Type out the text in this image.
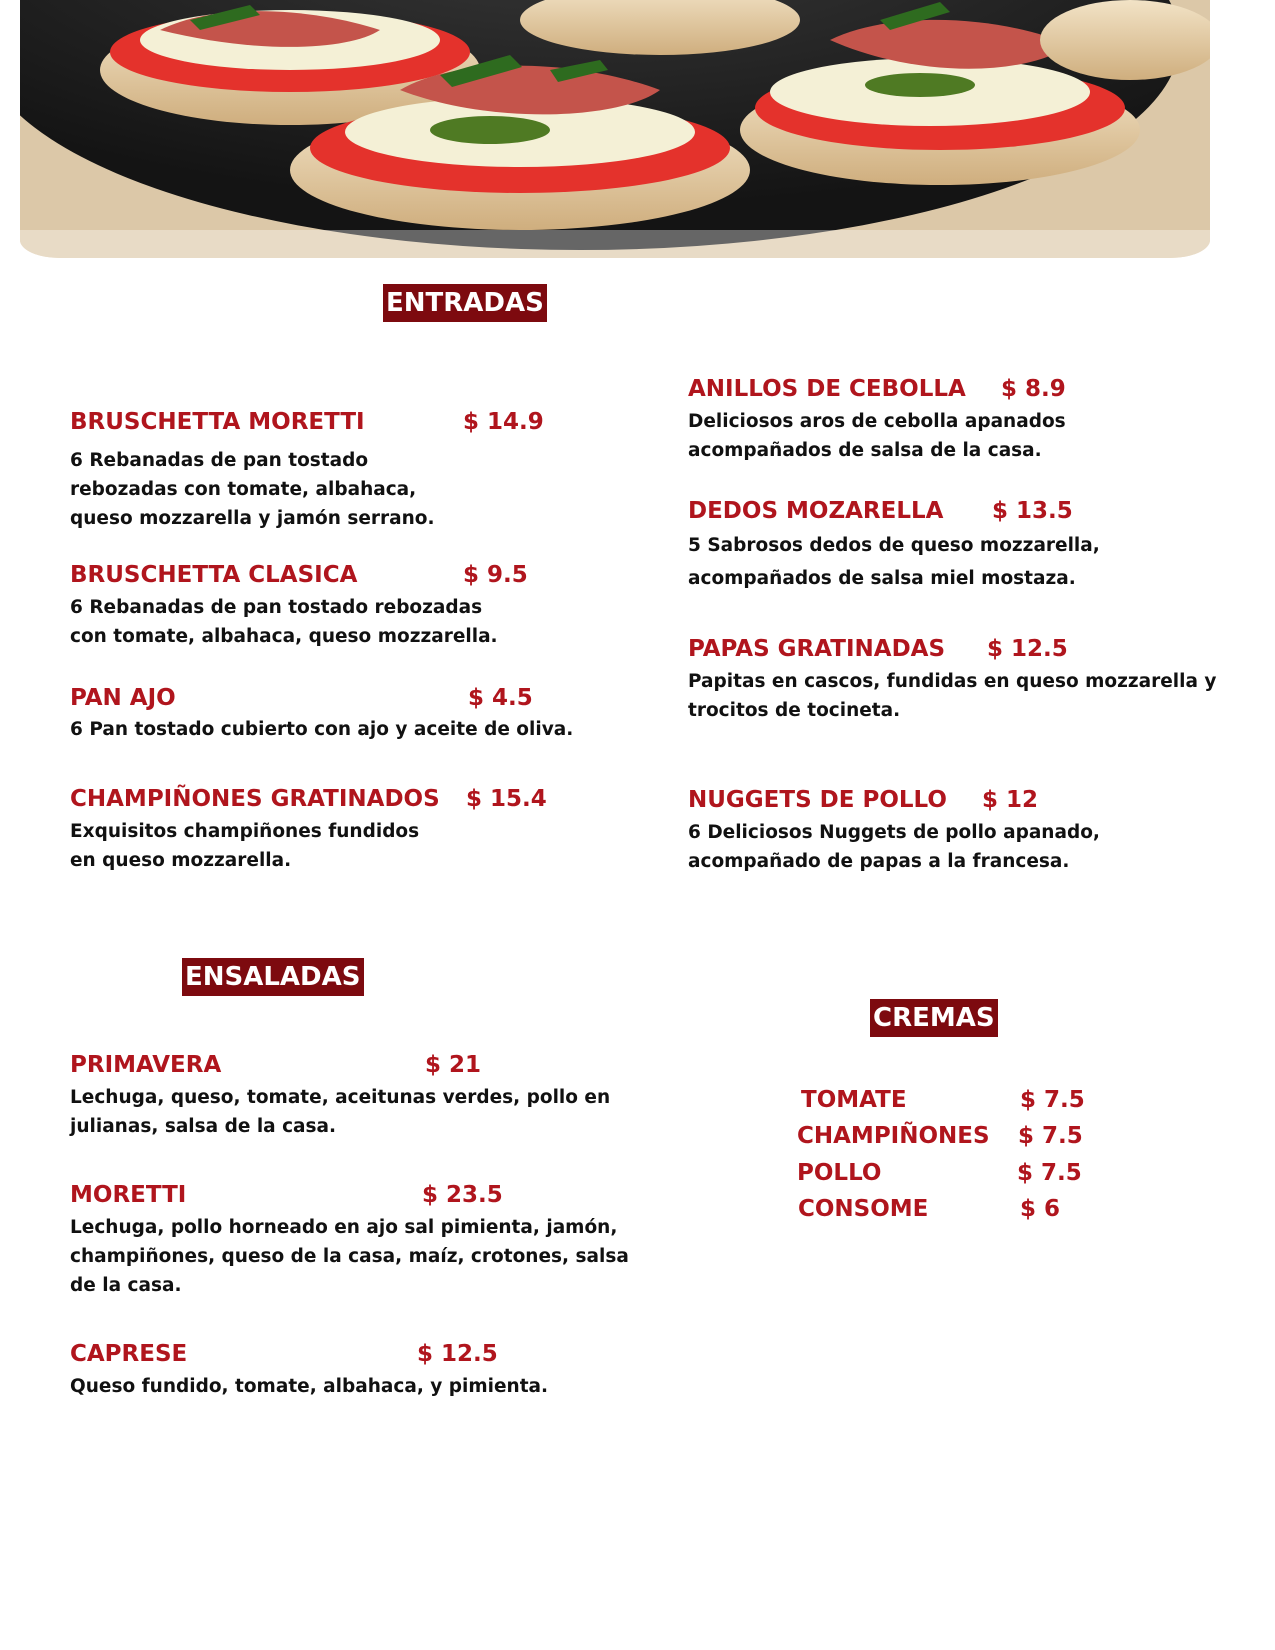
ENTRADAS
ENSALADAS
CREMAS
BRUSCHETTA MORETTI	$ 14.9
6 Rebanadas de pan tostado
rebozadas con tomate, albahaca,
queso mozzarella y jamón serrano.
BRUSCHETTA CLASICA	$ 9.5
6 Rebanadas de pan tostado rebozadas
con tomate, albahaca, queso mozzarella.
PAN AJO	$ 4.5
6 Pan tostado cubierto con ajo y aceite de oliva.
CHAMPIÑONES GRATINADOS $ 15.4
Exquisitos champiñones fundidos
en queso mozzarella.
ANILLOS DE CEBOLLA $ 8.9
Deliciosos aros de cebolla apanados
acompañados de salsa de la casa.
DEDOS MOZARELLA $ 13.5
5 Sabrosos dedos de queso mozzarella,
acompañados de salsa miel mostaza.
PAPAS GRATINADAS $ 12.5
Papitas en cascos, fundidas en queso mozzarella y
trocitos de tocineta.
NUGGETS DE POLLO $ 12
6 Deliciosos Nuggets de pollo apanado,
acompañado de papas a la francesa.
PRIMAVERA	$ 21
Lechuga, queso, tomate, aceitunas verdes, pollo en
julianas, salsa de la casa.
MORETTI	$ 23.5
Lechuga, pollo horneado en ajo sal pimienta, jamón,
champiñones, queso de la casa, maíz, crotones, salsa
de la casa.
CAPRESE	$ 12.5
Queso fundido, tomate, albahaca, y pimienta.
TOMATE	$ 7.5
CHAMPIÑONES $ 7.5
POLLO	$ 7.5
CONSOME	$ 6
